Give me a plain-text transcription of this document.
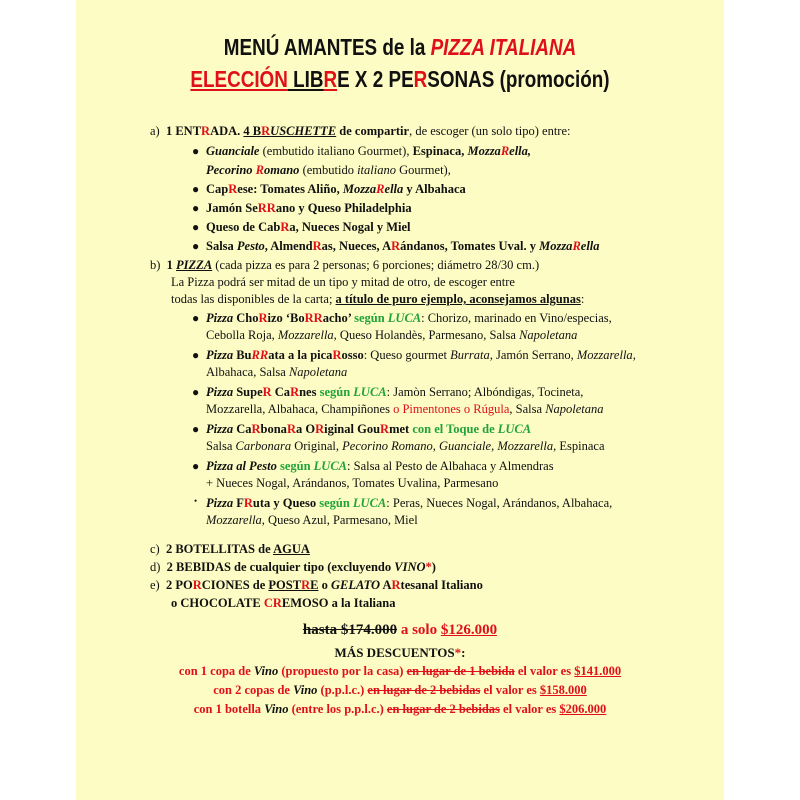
MENÚ AMANTES de la PIZZA ITALIANA
ELECCIÓN LIBRE X 2 PERSONAS (promoción)
a) 1 ENTRADA. 4 BRUSCHETTE de compartir, de escoger (un solo tipo) entre:
● Guanciale (embutido italiano Gourmet), Espinaca, MozzaRella,
Pecorino Romano (embutido italiano Gourmet),
● CapRese: Tomates Aliño, MozzaRella y Albahaca
● Jamón SeRRano y Queso Philadelphia
● Queso de CabRa, Nueces Nogal y Miel
● Salsa Pesto, AlmendRas, Nueces, ARándanos, Tomates Uval. y MozzaRella
b) 1 PIZZA (cada pizza es para 2 personas; 6 porciones; diámetro 28/30 cm.)
La Pizza podrá ser mitad de un tipo y mitad de otro, de escoger entre
todas las disponibles de la carta; a título de puro ejemplo, aconsejamos algunas:
● Pizza ChoRizo ‘BoRRacho’ según LUCA: Chorizo, marinado en Vino/especias,
Cebolla Roja, Mozzarella, Queso Holandès, Parmesano, Salsa Napoletana
● Pizza BuRRata a la picaRosso: Queso gourmet Burrata, Jamón Serrano, Mozzarella,
Albahaca, Salsa Napoletana
● Pizza SupeR CaRnes según LUCA: Jamòn Serrano; Albóndigas, Tocineta,
Mozzarella, Albahaca, Champiñones o Pimentones o Rúgula, Salsa Napoletana
● Pizza CaRbonaRa ORiginal GouRmet con el Toque de LUCA
Salsa Carbonara Original, Pecorino Romano, Guanciale, Mozzarella, Espinaca
● Pizza al Pesto según LUCA: Salsa al Pesto de Albahaca y Almendras
+ Nueces Nogal, Arándanos, Tomates Uvalina, Parmesano
• Pizza FRuta y Queso según LUCA: Peras, Nueces Nogal, Arándanos, Albahaca,
Mozzarella, Queso Azul, Parmesano, Miel
c) 2 BOTELLITAS de AGUA
d) 2 BEBIDAS de cualquier tipo (excluyendo VINO*)
e) 2 PORCIONES de POSTRE o GELATO ARtesanal Italiano
o CHOCOLATE CREMOSO a la Italiana
hasta $174.000 a solo $126.000
MÁS DESCUENTOS*:
con 1 copa de Vino (propuesto por la casa) en lugar de 1 bebida el valor es $141.000
con 2 copas de Vino (p.p.l.c.) en lugar de 2 bebidas el valor es $158.000
con 1 botella Vino (entre los p.p.l.c.) en lugar de 2 bebidas el valor es $206.000
